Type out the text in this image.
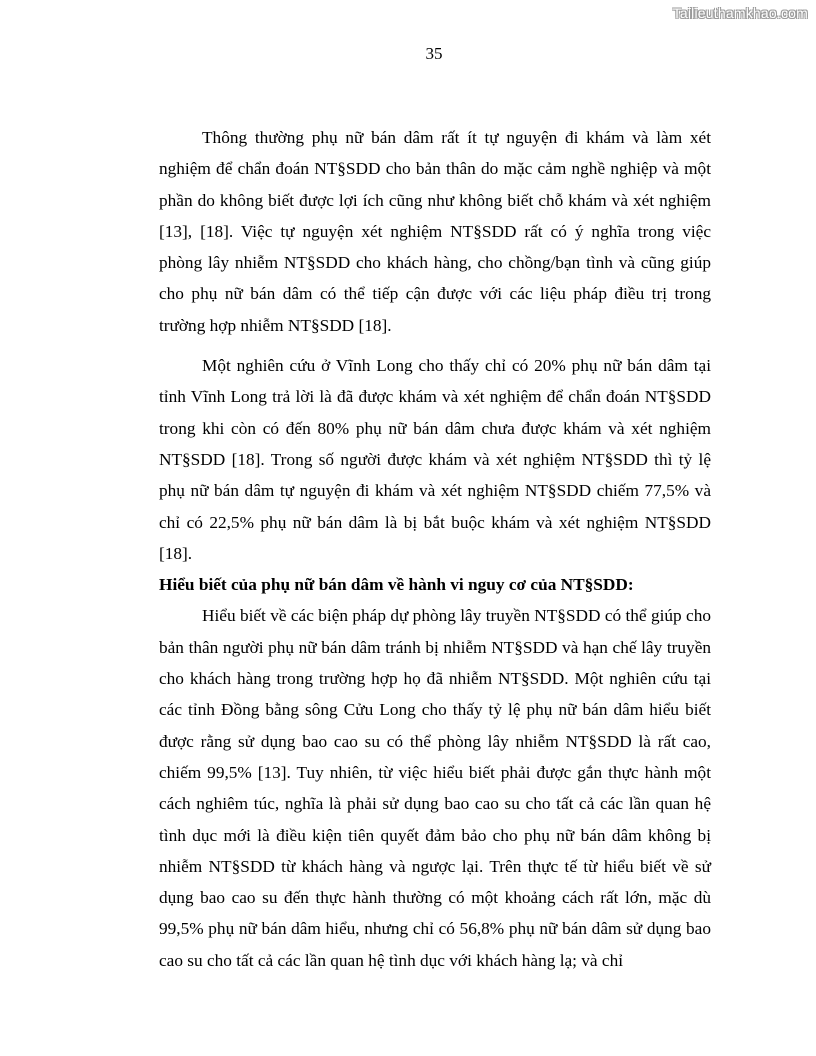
Tailieuthamkhao.com
35

Thông thường phụ nữ bán dâm rất ít tự nguyện đi khám và làm xét nghiệm để chẩn đoán NT§SDD cho bản thân do mặc cảm nghề nghiệp và một phần do không biết được lợi ích cũng như không biết chỗ khám và xét nghiệm [13], [18]. Việc tự nguyện xét nghiệm NT§SDD rất có ý nghĩa trong việc phòng lây nhiễm NT§SDD cho khách hàng, cho chồng/bạn tình và cũng giúp cho phụ nữ bán dâm có thể tiếp cận được với các liệu pháp điều trị trong trường hợp nhiễm NT§SDD [18].

Một nghiên cứu ở Vĩnh Long cho thấy chỉ có 20% phụ nữ bán dâm tại tỉnh Vĩnh Long trả lời là đã được khám và xét nghiệm để chẩn đoán NT§SDD trong khi còn có đến 80% phụ nữ bán dâm chưa được khám và xét nghiệm NT§SDD [18]. Trong số người được khám và xét nghiệm NT§SDD thì tỷ lệ phụ nữ bán dâm tự nguyện đi khám và xét nghiệm NT§SDD chiếm 77,5% và chỉ có 22,5% phụ nữ bán dâm là bị bắt buộc khám và xét nghiệm NT§SDD [18].

Hiểu biết của phụ nữ bán dâm về hành vi nguy cơ của NT§SDD:

Hiểu biết về các biện pháp dự phòng lây truyền NT§SDD có thể giúp cho bản thân người phụ nữ bán dâm tránh bị nhiễm NT§SDD và hạn chế lây truyền cho khách hàng trong trường hợp họ đã nhiễm NT§SDD. Một nghiên cứu tại các tỉnh Đồng bằng sông Cửu Long cho thấy tỷ lệ phụ nữ bán dâm hiểu biết được rằng sử dụng bao cao su có thể phòng lây nhiễm NT§SDD là rất cao, chiếm 99,5% [13]. Tuy nhiên, từ việc hiểu biết phải được gắn thực hành một cách nghiêm túc, nghĩa là phải sử dụng bao cao su cho tất cả các lần quan hệ tình dục mới là điều kiện tiên quyết đảm bảo cho phụ nữ bán dâm không bị nhiễm NT§SDD từ khách hàng và ngược lại. Trên thực tế từ hiểu biết về sử dụng bao cao su đến thực hành thường có một khoảng cách rất lớn, mặc dù 99,5% phụ nữ bán dâm hiểu, nhưng chỉ có 56,8% phụ nữ bán dâm sử dụng bao cao su cho tất cả các lần quan hệ tình dục với khách hàng lạ; và chỉ
